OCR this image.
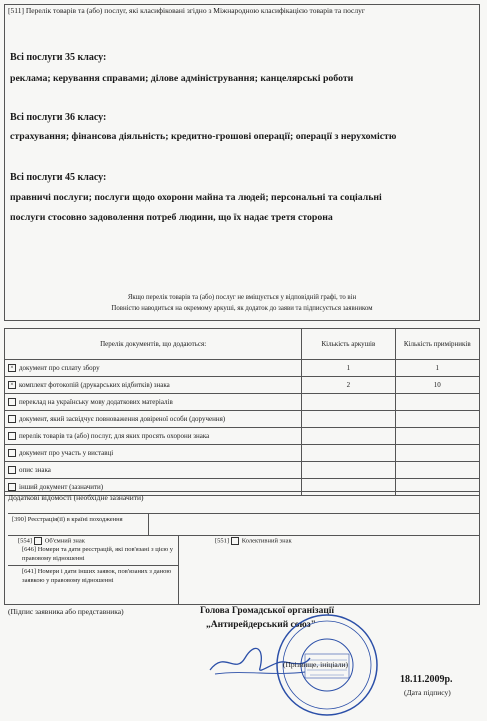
[511] Перелік товарів та (або) послуг, які класифіковані згідно з Міжнародною класифікацією товарів та послуг
Всі послуги 35 класу:
реклама; керування справами; ділове адміністрування; канцелярські роботи
Всі послуги 36 класу:
страхування; фінансова діяльність; кредитно-грошові операції; операції з нерухомістю
Всі послуги 45 класу:
правничі послуги; послуги щодо охорони майна та людей; персональні та соціальні
послуги стосовно задоволення потреб людини, що їх надає третя сторона
Якщо перелік товарів та (або) послуг не вміщується у відповідній графі, то він
Повністю наводиться на окремому аркуші, як додаток до заяви та підписується заявником
Перелік документів, що додаються:	Кількість аркушів	Кількість примірників
× документ про сплату збору	1	1
× комплект фотокопій (друкарських відбитків) знака	2	10
переклад на українську мову додаткових матеріалів		
документ, який засвідчує повноваження довіреної особи (доручення)		
перелік товарів та (або) послуг, для яких просять охорони знака		
документ про участь у виставці		
опис знака		
інший документ (зазначити)		
Додаткові відомості (необхідне зазначити)
[390] Реєстрація(ії) в країні походження
[554] Об'ємний знак	[551] Колективний знак
[646] Номери та дати реєстрацій, які пов'язані з цією у правовому відношенні
[641] Номери і дати інших заявок, пов'язаних з даною заявкою у правовому відношенні
(Підпис заявника або представника)	Голова Громадської організації
„Антирейдерський союз"
(Прізвище, ініціали)
18.11.2009р.
(Дата підпису)
